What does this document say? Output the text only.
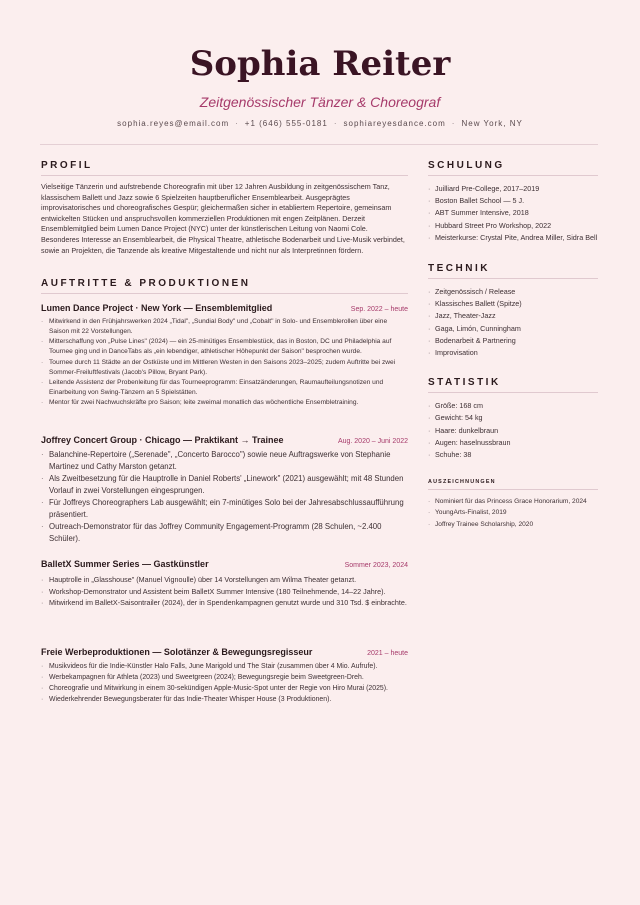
Sophia Reiter
Zeitgenössischer Tänzer & Choreograf
sophia.reyes@email.com · +1 (646) 555-0181 · sophiareyesdance.com · New York, NY
PROFIL

Vielseitige Tänzerin und aufstrebende Choreografin mit über 12 Jahren Ausbildung in zeitgenössischem Tanz, klassischem Ballett und Jazz sowie 6 Spielzeiten hauptberuflicher Ensemblearbeit. Ausgeprägtes improvisatorisches und choreografisches Gespür; gleichermaßen sicher in etabliertem Repertoire, gemeinsam entwickelten Stücken und anspruchsvollen kommerziellen Produktionen mit engen Zeitplänen. Derzeit Ensemblemitglied beim Lumen Dance Project (NYC) unter der künstlerischen Leitung von Naomi Cole. Besonderes Interesse an Ensemblearbeit, die Physical Theatre, athletische Bodenarbeit und Live-Musik verbindet, sowie an Projekten, die Tanzende als kreative Mitgestaltende und nicht nur als Interpretinnen fördern.

AUFTRITTE & PRODUKTIONEN
Lumen Dance Project · New York — Ensemblemitglied	Sep. 2022 – heute
· Mitwirkend in den Frühjahrswerken 2024 „Tidal", „Sundial Body" und „Cobalt" in Solo- und Ensemblerollen über eine Saison mit 22 Vorstellungen.
· Mitterschaffung von „Pulse Lines" (2024) — ein 25-minütiges Ensemblestück, das in Boston, DC und Philadelphia auf Tournee ging und in DanceTabs als „ein lebendiger, athletischer Höhepunkt der Saison" besprochen wurde.
· Tournee durch 11 Städte an der Ostküste und im Mittleren Westen in den Saisons 2023–2025; zudem Auftritte bei zwei Sommer-Freiluftfestivals (Jacob's Pillow, Bryant Park).
· Leitende Assistenz der Probenleitung für das Tourneeprogramm: Einsatzänderungen, Raumaufteilungsnotizen und Einarbeitung von Swing-Tänzern an 5 Spielstätten.
· Mentor für zwei Nachwuchskräfte pro Saison; leite zweimal monatlich das wöchentliche Ensembletraining.
Joffrey Concert Group · Chicago — Praktikant → Trainee	Aug. 2020 – Juni 2022
· Balanchine-Repertoire („Serenade", „Concerto Barocco") sowie neue Auftragswerke von Stephanie Martinez und Cathy Marston getanzt.
· Als Zweitbesetzung für die Hauptrolle in Daniel Roberts' „Linework" (2021) ausgewählt; mit 48 Stunden Vorlauf in zwei Vorstellungen eingesprungen.
· Für Joffreys Choreographers Lab ausgewählt; ein 7-minütiges Solo bei der Jahresabschlussaufführung präsentiert.
· Outreach-Demonstrator für das Joffrey Community Engagement-Programm (28 Schulen, ~2.400 Schüler).
BalletX Summer Series — Gastkünstler	Sommer 2023, 2024
· Hauptrolle in „Glasshouse" (Manuel Vignoulle) über 14 Vorstellungen am Wilma Theater getanzt.
· Workshop-Demonstrator und Assistent beim BalletX Summer Intensive (180 Teilnehmende, 14–22 Jahre).
· Mitwirkend im BalletX-Saisontrailer (2024), der in Spendenkampagnen genutzt wurde und 310 Tsd. $ einbrachte.
Freie Werbeproduktionen — Solotänzer & Bewegungsregisseur	2021 – heute
· Musikvideos für die Indie-Künstler Halo Falls, June Marigold und The Stair (zusammen über 4 Mio. Aufrufe).
· Werbekampagnen für Athleta (2023) und Sweetgreen (2024); Bewegungsregie beim Sweetgreen-Dreh.
· Choreografie und Mitwirkung in einem 30-sekündigen Apple-Music-Spot unter der Regie von Hiro Murai (2025).
· Wiederkehrender Bewegungsberater für das Indie-Theater Whisper House (3 Produktionen).
SCHULUNG
· Juilliard Pre-College, 2017–2019
· Boston Ballet School — 5 J.
· ABT Summer Intensive, 2018
· Hubbard Street Pro Workshop, 2022
· Meisterkurse: Crystal Pite, Andrea Miller, Sidra Bell
TECHNIK
· Zeitgenössisch / Release
· Klassisches Ballett (Spitze)
· Jazz, Theater-Jazz
· Gaga, Limón, Cunningham
· Bodenarbeit & Partnering
· Improvisation
STATISTIK
· Größe: 168 cm
· Gewicht: 54 kg
· Haare: dunkelbraun
· Augen: haselnussbraun
· Schuhe: 38
AUSZEICHNUNGEN
· Nominiert für das Princess Grace Honorarium, 2024
· YoungArts-Finalist, 2019
· Joffrey Trainee Scholarship, 2020
